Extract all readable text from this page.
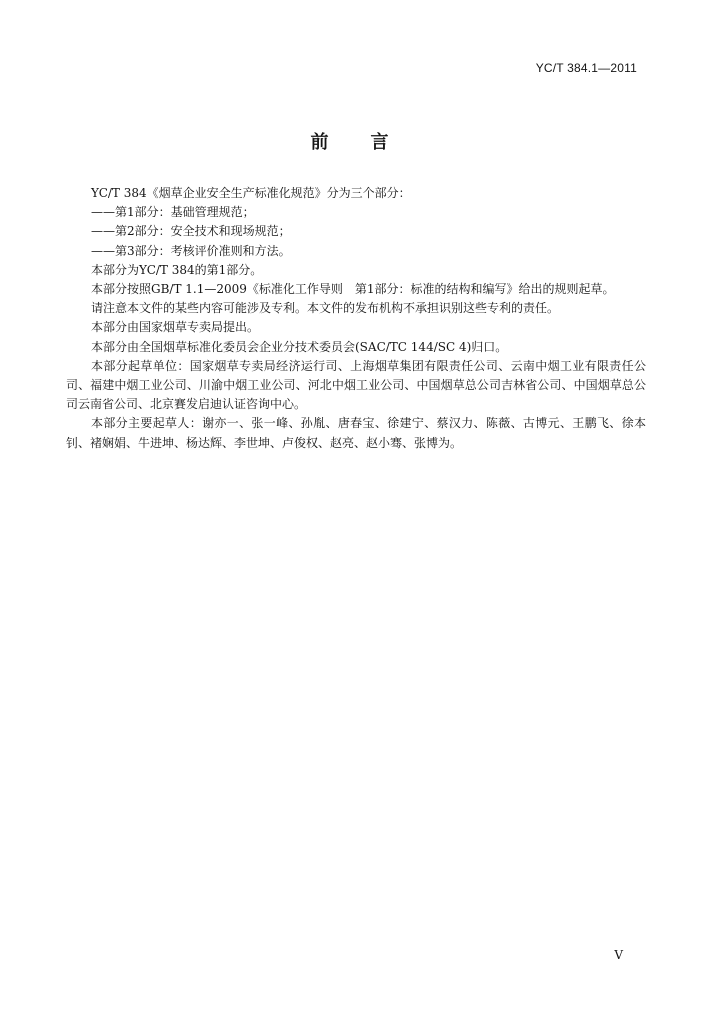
YC/T 384.1—2011
前 言

YC/T 384《烟草企业安全生产标准化规范》分为三个部分：

——第1部分：基础管理规范；

——第2部分：安全技术和现场规范；

——第3部分：考核评价准则和方法。

本部分为YC/T 384的第1部分。

本部分按照GB/T 1.1—2009《标准化工作导则　第1部分：标准的结构和编写》给出的规则起草。

请注意本文件的某些内容可能涉及专利。本文件的发布机构不承担识别这些专利的责任。

本部分由国家烟草专卖局提出。

本部分由全国烟草标准化委员会企业分技术委员会(SAC/TC 144/SC 4)归口。

本部分起草单位：国家烟草专卖局经济运行司、上海烟草集团有限责任公司、云南中烟工业有限责任公司、福建中烟工业公司、川渝中烟工业公司、河北中烟工业公司、中国烟草总公司吉林省公司、中国烟草总公司云南省公司、北京賽发启迪认证咨询中心。

本部分主要起草人：谢亦一、张一峰、孙胤、唐春宝、徐建宁、蔡汉力、陈薇、古博元、王鹏飞、徐本钊、褚娴娟、牛进坤、杨达辉、李世坤、卢俊权、赵亮、赵小骞、张博为。

V
